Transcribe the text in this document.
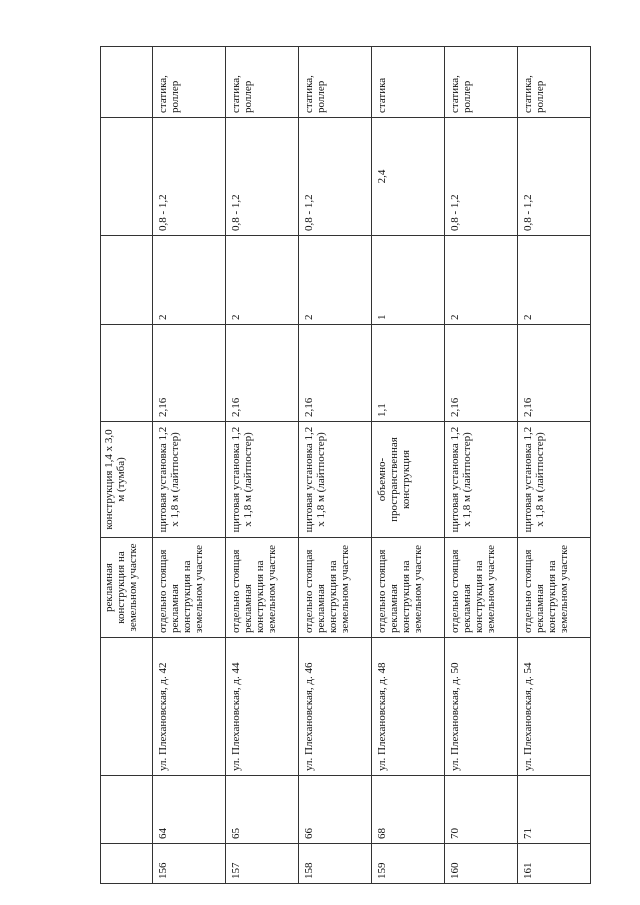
			рекламная конструкция на земельном участке	конструкция 1,4 x 3,0 м (тумба)				
156	64	ул. Плехановская, д. 42	отдельно стоящая рекламная конструкция на земельном участке	щитовая установка 1,2 x 1,8 м (лайтпостер)	2,16	2	0,8 - 1,2	статика, роллер
157	65	ул. Плехановская, д. 44	отдельно стоящая рекламная конструкция на земельном участке	щитовая установка 1,2 x 1,8 м (лайтпостер)	2,16	2	0,8 - 1,2	статика, роллер
158	66	ул. Плехановская, д. 46	отдельно стоящая рекламная конструкция на земельном участке	щитовая установка 1,2 x 1,8 м (лайтпостер)	2,16	2	0,8 - 1,2	статика, роллер
159	68	ул. Плехановская, д. 48	отдельно стоящая рекламная конструкция на земельном участке	объемно-пространственная конструкция	1,1	1	2,4	статика
160	70	ул. Плехановская, д. 50	отдельно стоящая рекламная конструкция на земельном участке	щитовая установка 1,2 x 1,8 м (лайтпостер)	2,16	2	0,8 - 1,2	статика, роллер
161	71	ул. Плехановская, д. 54	отдельно стоящая рекламная конструкция на земельном участке	щитовая установка 1,2 x 1,8 м (лайтпостер)	2,16	2	0,8 - 1,2	статика, роллер
